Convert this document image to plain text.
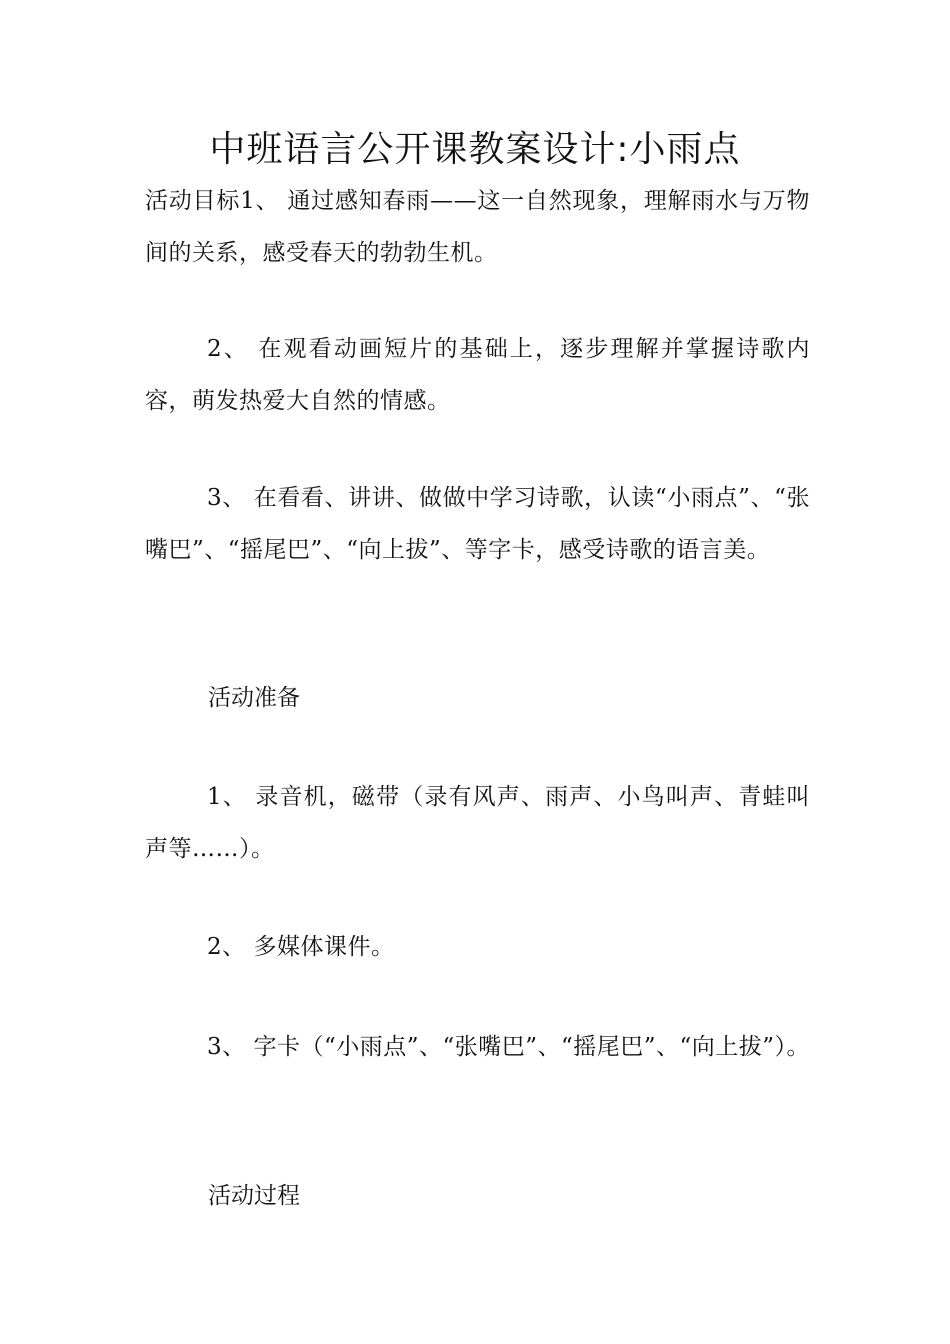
中班语言公开课教案设计:小雨点

活动目标1、 通过感知春雨——这一自然现象，理解雨水与万物间的关系，感受春天的勃勃生机。

2、 在观看动画短片的基础上，逐步理解并掌握诗歌内容，萌发热爱大自然的情感。

3、 在看看、讲讲、做做中学习诗歌，认读“小雨点”、“张嘴巴”、“摇尾巴”、“向上拔”、等字卡，感受诗歌的语言美。

活动准备

1、 录音机，磁带（录有风声、雨声、小鸟叫声、青蛙叫声等……）。

2、 多媒体课件。

3、 字卡（“小雨点”、“张嘴巴”、“摇尾巴”、“向上拔”）。

活动过程
